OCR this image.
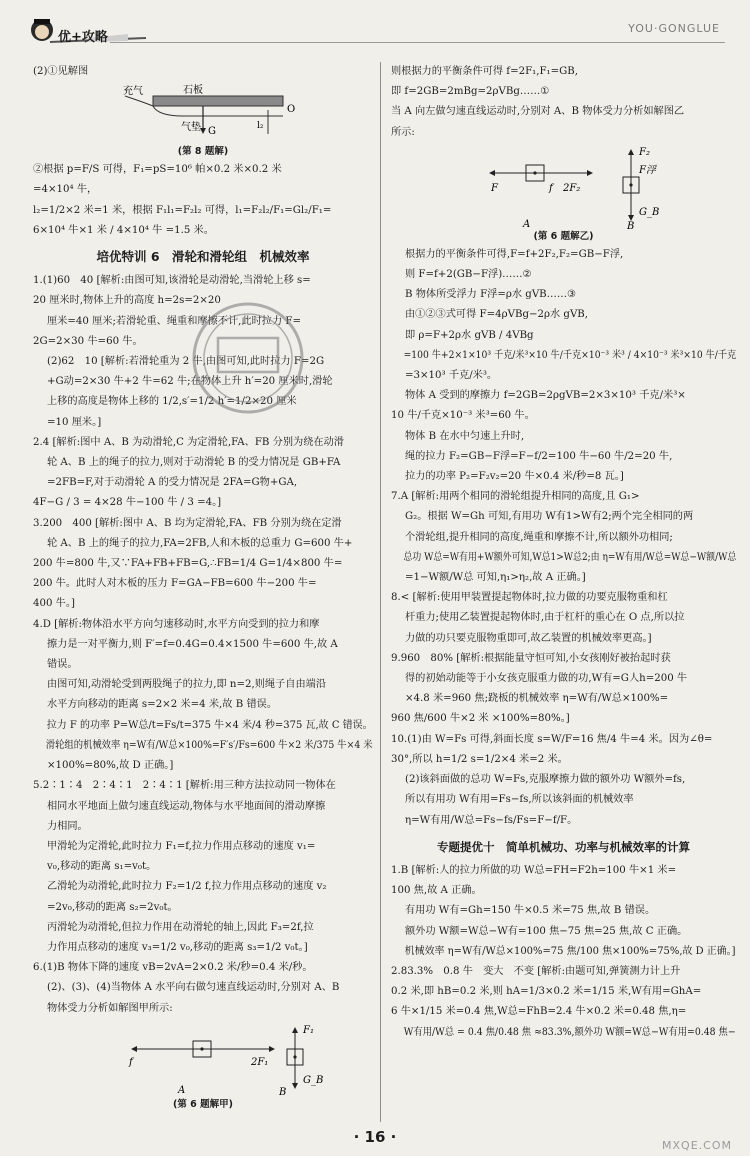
优+攻略
YOU·GONGLUE

(2)①见解图

充气	石板
气垫 G	l₂
O
(第 8 题解)

②根据 p=F/S 可得，F₁=pS=10⁶ 帕×0.2 米×0.2 米

=4×10⁴ 牛，

l₂=1/2×2 米=1 米，根据 F₁l₁=F₂l₂ 可得，l₁=F₂l₂/F₁=Gl₂/F₁=

6×10⁴ 牛×1 米 / 4×10⁴ 牛 =1.5 米。

培优特训 6　滑轮和滑轮组　机械效率

1.(1)60　40 [解析:由图可知,该滑轮是动滑轮,当滑轮上移 s=

20 厘米时,物体上升的高度 h=2s=2×20

厘米=40 厘米;若滑轮重、绳重和摩擦不计,此时拉力 F=

2G=2×30 牛=60 牛。

(2)62　10 [解析:若滑轮重为 2 牛,由图可知,此时拉力 F=2G

+G动=2×30 牛+2 牛=62 牛;在物体上升 h′=20 厘米时,滑轮

上移的高度是物体上移的 1/2,s′=1/2 h′=1/2×20 厘米

=10 厘米。]

2.4 [解析:图中 A、B 为动滑轮,C 为定滑轮,FA、FB 分别为绕在动滑

轮 A、B 上的绳子的拉力,则对于动滑轮 B 的受力情况是 GB+FA

=2FB=F,对于动滑轮 A 的受力情况是 2FA=G物+GA,

4F−G / 3 = 4×28 牛−100 牛 / 3 =4。]

3.200　400 [解析:图中 A、B 均为定滑轮,FA、FB 分别为绕在定滑

轮 A、B 上的绳子的拉力,FA=2FB,人和木板的总重力 G=600 牛+

200 牛=800 牛,又∵FA+FB+FB=G,∴FB=1/4 G=1/4×800 牛=

200 牛。此时人对木板的压力 F=GA−FB=600 牛−200 牛=

400 牛。]

4.D [解析:物体沿水平方向匀速移动时,水平方向受到的拉力和摩

擦力是一对平衡力,则 F′=f=0.4G=0.4×1500 牛=600 牛,故 A

错误。

由图可知,动滑轮受到两股绳子的拉力,即 n=2,则绳子自由端沿

水平方向移动的距离 s=2×2 米=4 米,故 B 错误。

拉力 F 的功率 P=W总/t=Fs/t=375 牛×4 米/4 秒=375 瓦,故 C 错误。

滑轮组的机械效率 η=W有/W总×100%=F′s′/Fs=600 牛×2 米/375 牛×4 米

×100%=80%,故 D 正确。]

5.2∶1∶4　2∶4∶1　2∶4∶1 [解析:用三种方法拉动同一物体在

相同水平地面上做匀速直线运动,物体与水平地面间的滑动摩擦

力相同。

甲滑轮为定滑轮,此时拉力 F₁=f,拉力作用点移动的速度 v₁=

v₀,移动的距离 s₁=v₀t。

乙滑轮为动滑轮,此时拉力 F₂=1/2 f,拉力作用点移动的速度 v₂

=2v₀,移动的距离 s₂=2v₀t。

丙滑轮为动滑轮,但拉力作用在动滑轮的轴上,因此 F₃=2f,拉

力作用点移动的速度 v₃=1/2 v₀,移动的距离 s₃=1/2 v₀t。]

6.(1)B 物体下降的速度 vB=2vA=2×0.2 米/秒=0.4 米/秒。

(2)、(3)、(4)当物体 A 水平向右做匀速直线运动时,分别对 A、B

物体受力分析如解图甲所示:

f	2F₁
A
F₁
G_B
B
(第 6 题解甲)

则根据力的平衡条件可得 f=2F₁,F₁=GB,

即 f=2GB=2mBg=2ρVBg……①

当 A 向左做匀速直线运动时,分别对 A、B 物体受力分析如解图乙

所示:

F	f 2F₂
A
F₂
F浮
G_B
B
(第 6 题解乙)

根据力的平衡条件可得,F=f+2F₂,F₂=GB−F浮,

则 F=f+2(GB−F浮)……②

B 物体所受浮力 F浮=ρ水 gVB……③

由①②③式可得 F=4ρVBg−2ρ水 gVB,

即 ρ=F+2ρ水 gVB / 4VBg

=100 牛+2×1×10³ 千克/米³×10 牛/千克×10⁻³ 米³ / 4×10⁻³ 米³×10 牛/千克

=3×10³ 千克/米³。

物体 A 受到的摩擦力 f=2GB=2ρgVB=2×3×10³ 千克/米³×

10 牛/千克×10⁻³ 米³=60 牛。

物体 B 在水中匀速上升时,

绳的拉力 F₂=GB−F浮=F−f/2=100 牛−60 牛/2=20 牛,

拉力的功率 P₂=F₂v₂=20 牛×0.4 米/秒=8 瓦。]

7.A [解析:用两个相同的滑轮组提升相同的高度,且 G₁>

G₂。根据 W=Gh 可知,有用功 W有1>W有2;两个完全相同的两

个滑轮组,提升相同的高度,绳重和摩擦不计,所以额外功相同;

总功 W总=W有用+W额外可知,W总1>W总2;由 η=W有用/W总=W总−W额/W总

=1−W额/W总 可知,η₁>η₂,故 A 正确。]

8.< [解析:使用甲装置提起物体时,拉力做的功要克服物重和杠

杆重力;使用乙装置提起物体时,由于杠杆的重心在 O 点,所以拉

力做的功只要克服物重即可,故乙装置的机械效率更高。]

9.960　80% [解析:根据能量守恒可知,小女孩刚好被抬起时获

得的初始动能等于小女孩克服重力做的功,W有=G人h=200 牛

×4.8 米=960 焦;跷板的机械效率 η=W有/W总×100%=

960 焦/600 牛×2 米 ×100%=80%。]

10.(1)由 W=Fs 可得,斜面长度 s=W/F=16 焦/4 牛=4 米。因为∠θ=

30°,所以 h=1/2 s=1/2×4 米=2 米。

(2)该斜面做的总功 W=Fs,克服摩擦力做的额外功 W额外=fs,

所以有用功 W有用=Fs−fs,所以该斜面的机械效率

η=W有用/W总=Fs−fs/Fs=F−f/F。

专题提优十　简单机械功、功率与机械效率的计算

1.B [解析:人的拉力所做的功 W总=FH=F2h=100 牛×1 米=

100 焦,故 A 正确。

有用功 W有=Gh=150 牛×0.5 米=75 焦,故 B 错误。

额外功 W额=W总−W有=100 焦−75 焦=25 焦,故 C 正确。

机械效率 η=W有/W总×100%=75 焦/100 焦×100%=75%,故 D 正确。]

2.83.3%　0.8 牛　变大　不变 [解析:由题可知,弹簧测力计上升

0.2 米,即 hB=0.2 米,则 hA=1/3×0.2 米=1/15 米,W有用=GhA=

6 牛×1/15 米=0.4 焦,W总=FhB=2.4 牛×0.2 米=0.48 焦,η=

W有用/W总 = 0.4 焦/0.48 焦 ≈83.3%,额外功 W额=W总−W有用=0.48 焦−

· 16 ·	MXQE.COM
